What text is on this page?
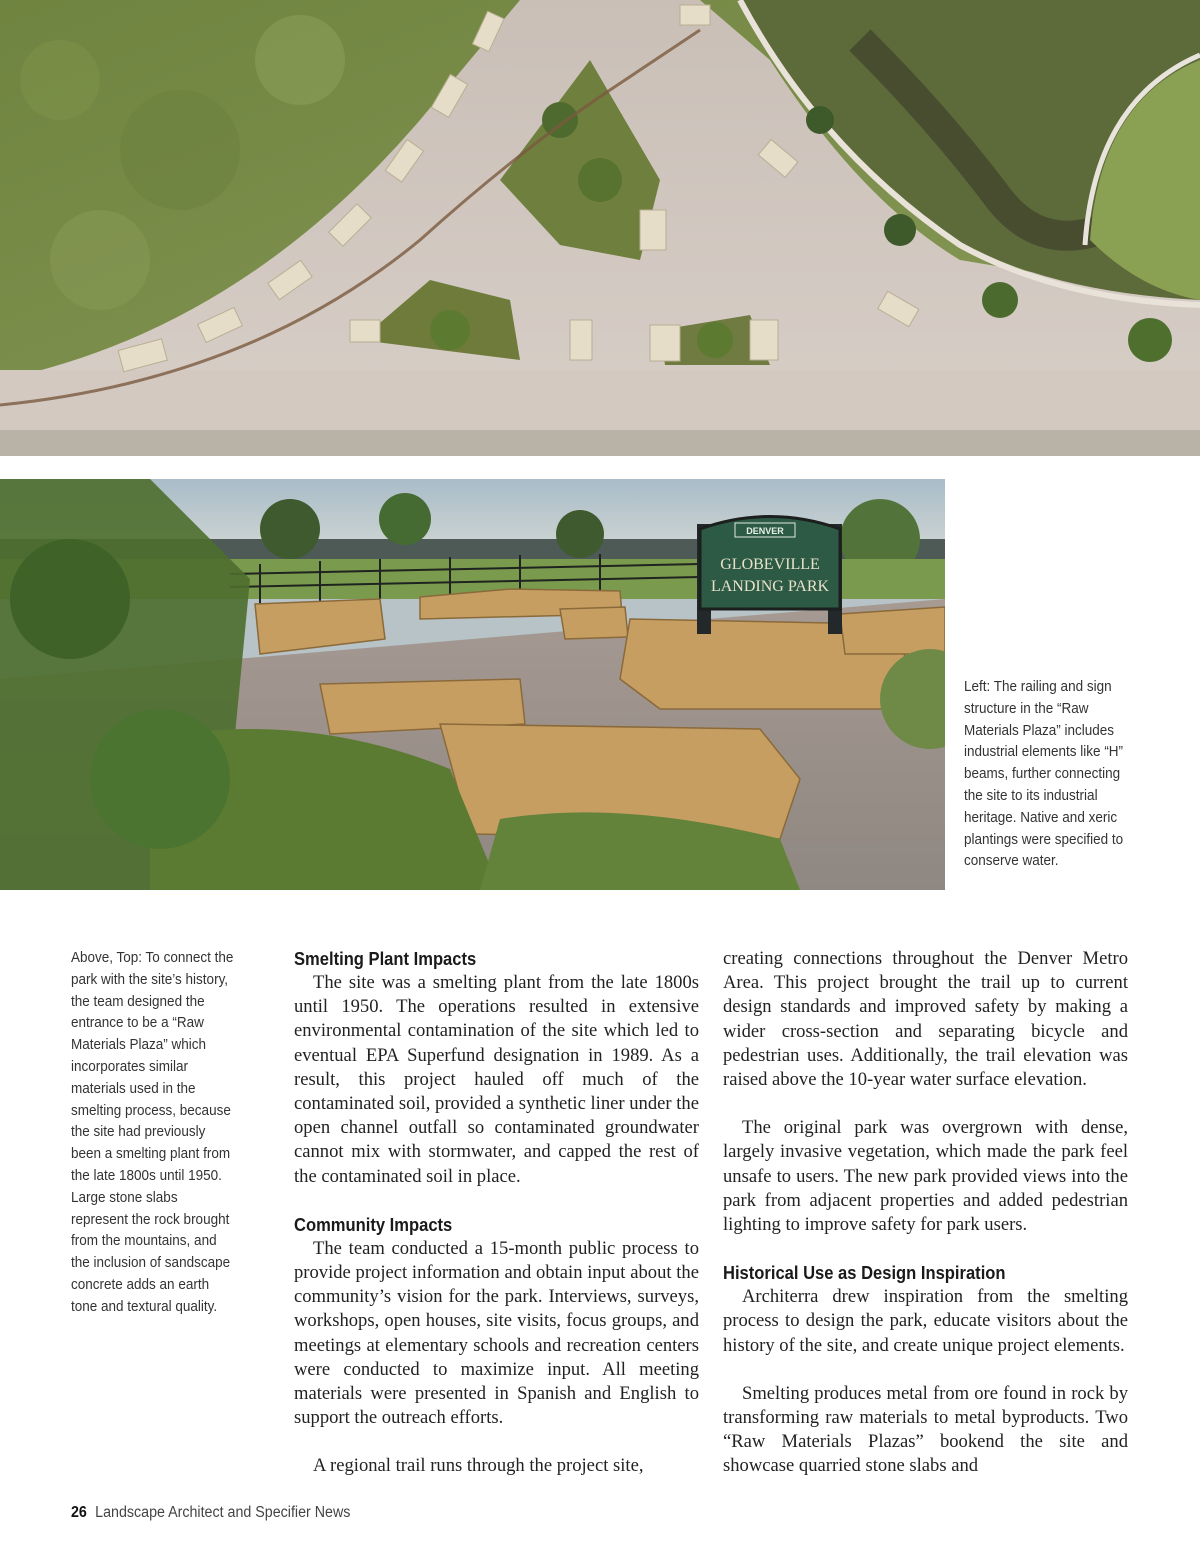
DENVER
GLOBEVILLE
LANDING PARK
Left: The railing and sign structure in the “Raw Materials Plaza” includes industrial elements like “H” beams, further connecting the site to its industrial heritage. Native and xeric plantings were specified to conserve water.
Above, Top: To connect the park with the site’s history, the team designed the entrance to be a “Raw Materials Plaza” which incorporates similar materials used in the smelting process, because the site had previously been a smelting plant from the late 1800s until 1950. Large stone slabs represent the rock brought from the mountains, and the inclusion of sandscape concrete adds an earth tone and textural quality.
Smelting Plant Impacts

The site was a smelting plant from the late 1800s until 1950. The operations resulted in extensive environmental contamination of the site which led to eventual EPA Superfund designation in 1989. As a result, this project hauled off much of the contaminated soil, provided a synthetic liner under the open channel outfall so contaminated groundwater cannot mix with stormwater, and capped the rest of the contaminated soil in place.

Community Impacts

The team conducted a 15-month public process to provide project information and obtain input about the community’s vision for the park. Interviews, surveys, workshops, open houses, site visits, focus groups, and meetings at elementary schools and recreation centers were conducted to maximize input. All meeting materials were presented in Spanish and English to support the outreach efforts.

A regional trail runs through the project site,

creating connections throughout the Denver Metro Area. This project brought the trail up to current design standards and improved safety by making a wider cross-section and separating bicycle and pedestrian uses. Additionally, the trail elevation was raised above the 10-year water surface elevation.

The original park was overgrown with dense, largely invasive vegetation, which made the park feel unsafe to users. The new park provided views into the park from adjacent properties and added pedestrian lighting to improve safety for park users.

Historical Use as Design Inspiration

Architerra drew inspiration from the smelting process to design the park, educate visitors about the history of the site, and create unique project elements.

Smelting produces metal from ore found in rock by transforming raw materials to metal byproducts. Two “Raw Materials Plazas” bookend the site and showcase quarried stone slabs and

26 Landscape Architect and Specifier News
